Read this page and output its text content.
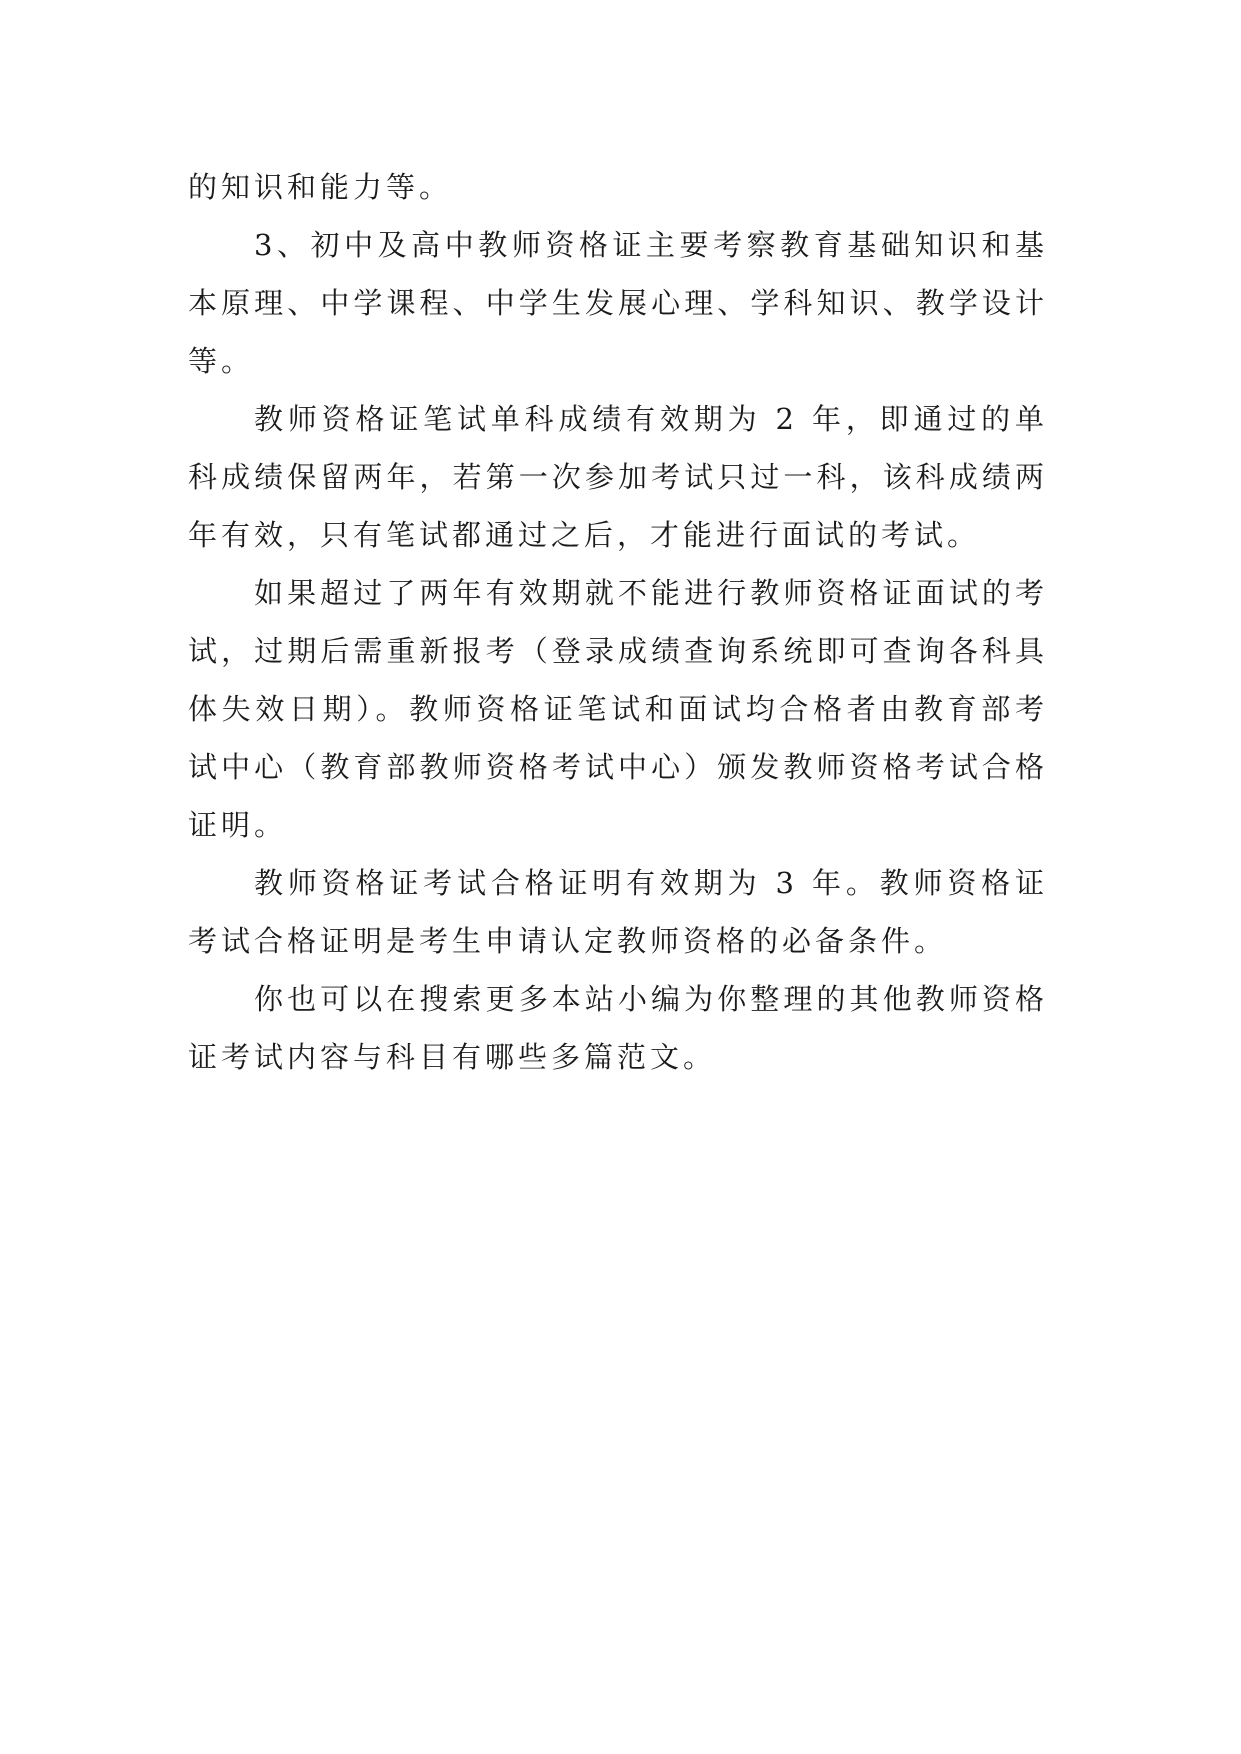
的知识和能力等。

3、初中及高中教师资格证主要考察教育基础知识和基本原理、中学课程、中学生发展心理、学科知识、教学设计等。

教师资格证笔试单科成绩有效期为 2 年，即通过的单科成绩保留两年，若第一次参加考试只过一科，该科成绩两年有效，只有笔试都通过之后，才能进行面试的考试。

如果超过了两年有效期就不能进行教师资格证面试的考试，过期后需重新报考（登录成绩查询系统即可查询各科具体失效日期）。教师资格证笔试和面试均合格者由教育部考试中心（教育部教师资格考试中心）颁发教师资格考试合格证明。

教师资格证考试合格证明有效期为 3 年。教师资格证考试合格证明是考生申请认定教师资格的必备条件。

你也可以在搜索更多本站小编为你整理的其他教师资格证考试内容与科目有哪些多篇范文。
